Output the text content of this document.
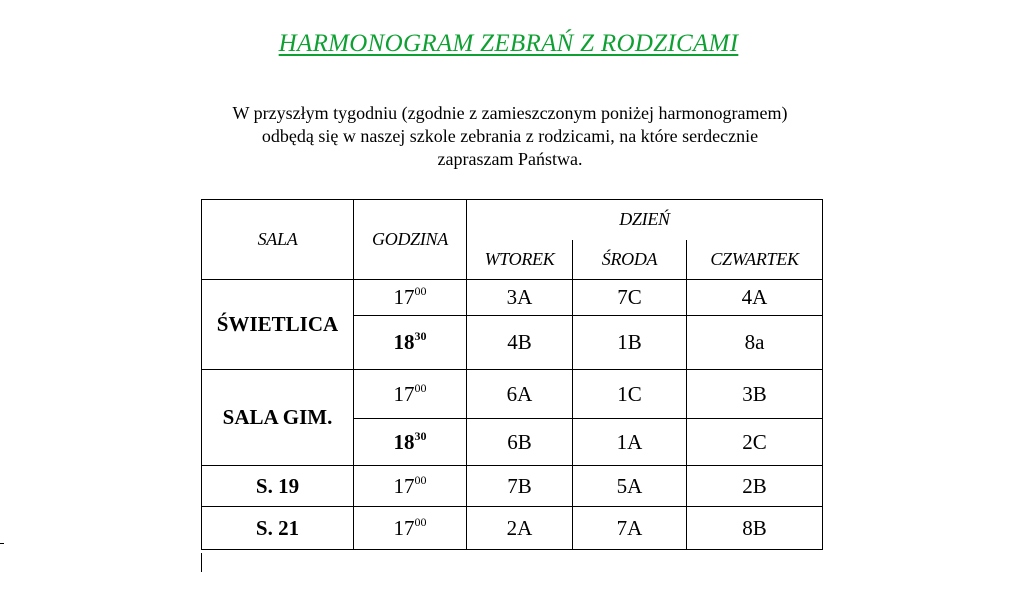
HARMONOGRAM ZEBRAŃ Z RODZICAMI
W przyszłym tygodniu (zgodnie z zamieszczonym poniżej harmonogramem)
odbędą się w naszej szkole zebrania z rodzicami, na które serdecznie
zapraszam Państwa.
SALA	GODZINA	DZIEŃ		
		WTOREK	ŚRODA	CZWARTEK
ŚWIETLICA	$17^{00}$	3A	7C	4A
	$18^{30}$	4B	1B	8a
SALA GIM.	$17^{00}$	6A	1C	3B
	$18^{30}$	6B	1A	2C
S. 19	$17^{00}$	7B	5A	2B
S. 21	$17^{00}$	2A	7A	8B
